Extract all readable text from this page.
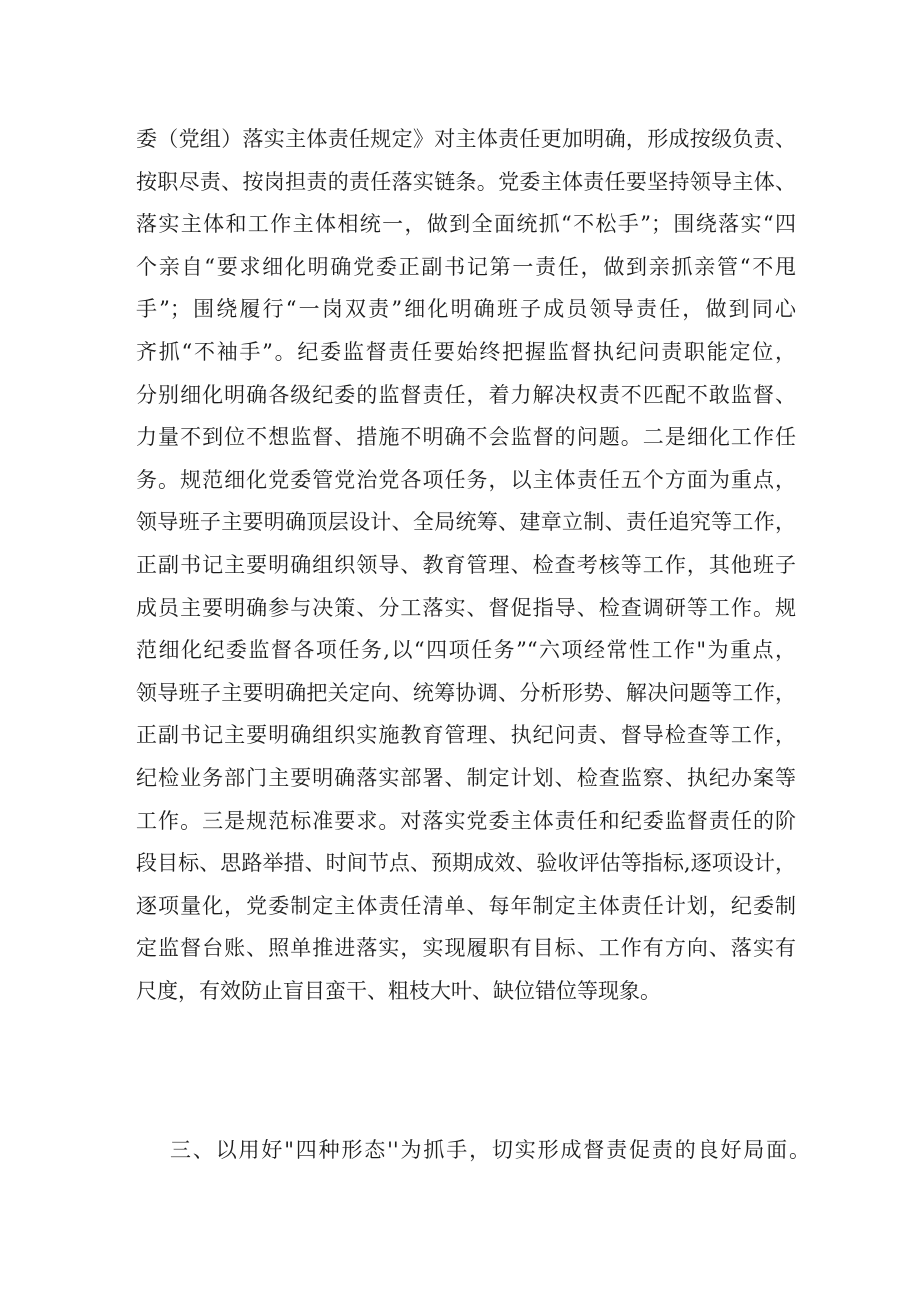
委（党组）落实主体责任规定》对主体责任更加明确，形成按级负责、
按职尽责、按岗担责的责任落实链条。党委主体责任要坚持领导主体、
落实主体和工作主体相统一，做到全面统抓“不松手”；围绕落实“四
个亲自“要求细化明确党委正副书记第一责任，做到亲抓亲管“不甩
手”；围绕履行“一岗双责”细化明确班子成员领导责任，做到同心
齐抓“不袖手”。纪委监督责任要始终把握监督执纪问责职能定位，
分别细化明确各级纪委的监督责任，着力解决权责不匹配不敢监督、
力量不到位不想监督、措施不明确不会监督的问题。二是细化工作任
务。规范细化党委管党治党各项任务，以主体责任五个方面为重点，
领导班子主要明确顶层设计、全局统筹、建章立制、责任追究等工作，
正副书记主要明确组织领导、教育管理、检查考核等工作，其他班子
成员主要明确参与决策、分工落实、督促指导、检查调研等工作。规
范细化纪委监督各项任务,以“四项任务”“六项经常性工作"为重点，
领导班子主要明确把关定向、统筹协调、分析形势、解决问题等工作，
正副书记主要明确组织实施教育管理、执纪问责、督导检查等工作，
纪检业务部门主要明确落实部署、制定计划、检查监察、执纪办案等
工作。三是规范标准要求。对落实党委主体责任和纪委监督责任的阶
段目标、思路举措、时间节点、预期成效、验收评估等指标,逐项设计，
逐项量化，党委制定主体责任清单、每年制定主体责任计划，纪委制
定监督台账、照单推进落实，实现履职有目标、工作有方向、落实有
尺度，有效防止盲目蛮干、粗枝大叶、缺位错位等现象。

三、以用好"四种形态''为抓手，切实形成督责促责的良好局面。
